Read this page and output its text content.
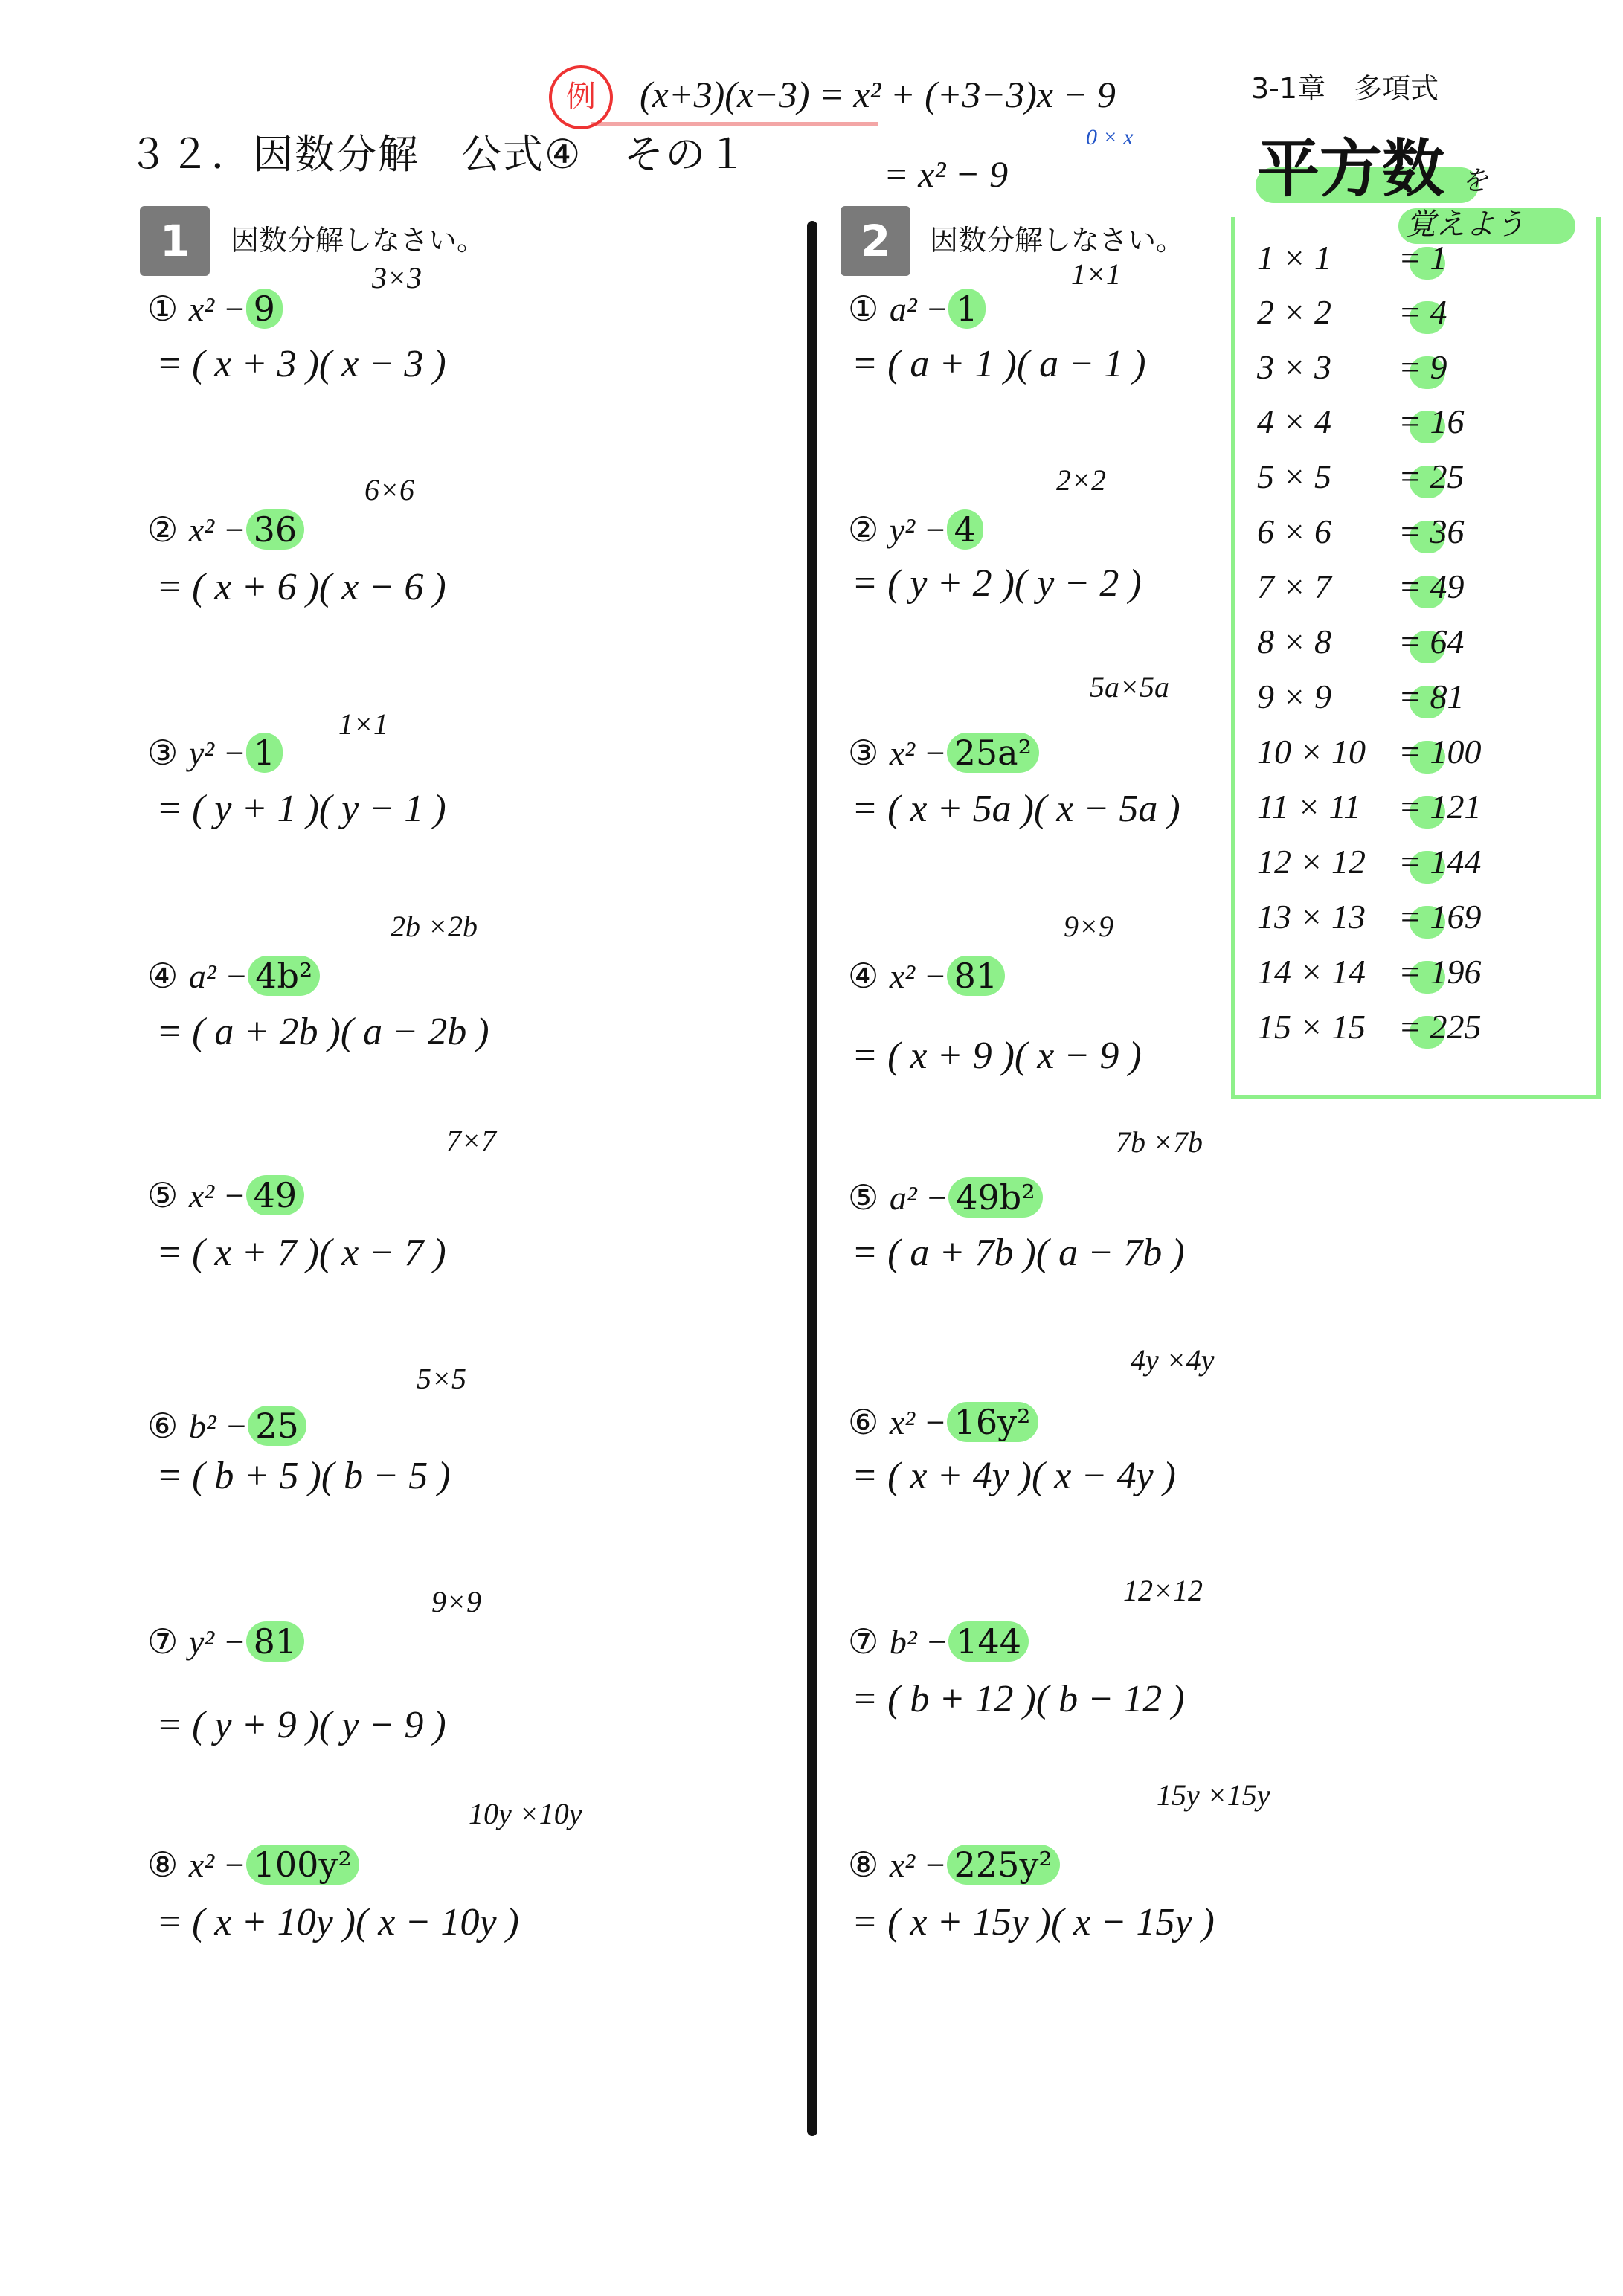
3-1章　多項式
３２．因数分解　公式④　その１
例	(x+3)(x−3) = x² + (+3−3)x − 9
= x² − 9
0 × x
1	因数分解しなさい。	2	因数分解しなさい。
① x² − 9
3×3
= ( x + 3 )( x − 3 )
② x² − 36
6×6
= ( x + 6 )( x − 6 )
③ y² − 1
1×1
= ( y + 1 )( y − 1 )
④ a² − 4b²
2b ×2b
= ( a + 2b )( a − 2b )
⑤ x² − 49
7×7
= ( x + 7 )( x − 7 )
⑥ b² − 25
5×5
= ( b + 5 )( b − 5 )
⑦ y² − 81
9×9
= ( y + 9 )( y − 9 )
⑧ x² − 100y²
10y ×10y
= ( x + 10y )( x − 10y )
① a² − 1
1×1
= ( a + 1 )( a − 1 )
② y² − 4
2×2
= ( y + 2 )( y − 2 )
③ x² − 25a²
5a×5a
= ( x + 5a )( x − 5a )
④ x² − 81
9×9
= ( x + 9 )( x − 9 )
⑤ a² − 49b²
7b ×7b
= ( a + 7b )( a − 7b )
⑥ x² − 16y²
4y ×4y
= ( x + 4y )( x − 4y )
⑦ b² − 144
12×12
= ( b + 12 )( b − 12 )
⑧ x² − 225y²
15y ×15y
= ( x + 15y )( x − 15y )
平方数 を
覚えよう
1 × 1 = 1
2 × 2 = 4
3 × 3 = 9
4 × 4 = 16
5 × 5 = 25
6 × 6 = 36
7 × 7 = 49
8 × 8 = 64
9 × 9 = 81
10 × 10 = 100
11 × 11 = 121
12 × 12 = 144
13 × 13 = 169
14 × 14 = 196
15 × 15 = 225
